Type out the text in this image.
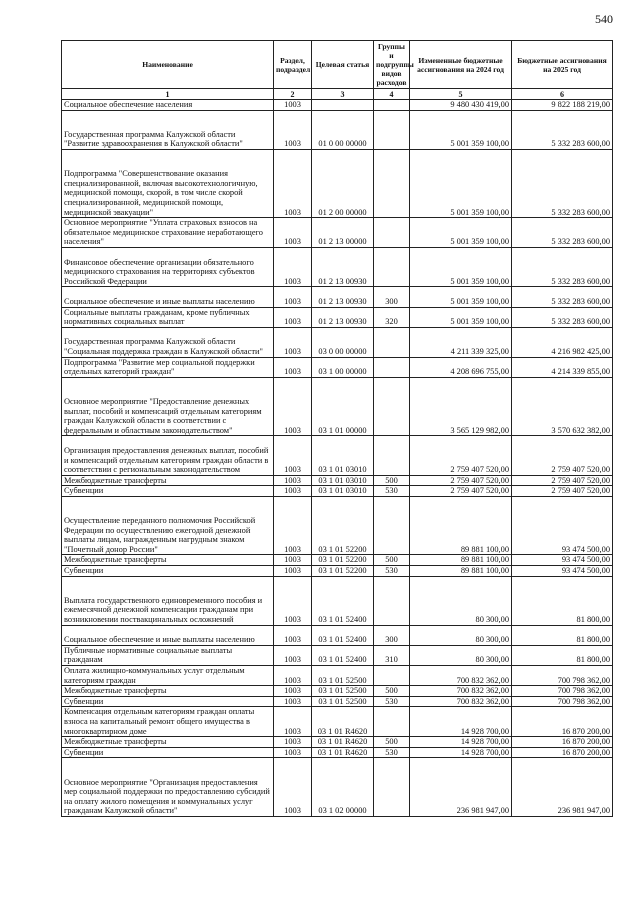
540
Наименование	Раздел, подраздел	Целевая статья	Группы и подгруппы видов расходов	Измененные бюджетные ассигнования на 2024 год	Бюджетные ассигнования на 2025 год
1	2	3	4	5	6
Социальное обеспечение населения	1003			9 480 430 419,00	9 822 188 219,00
Государственная программа Калужской области "Развитие здравоохранения в Калужской области"	1003	01 0 00 00000		5 001 359 100,00	5 332 283 600,00
Подпрограмма "Совершенствование оказания специализированной, включая высокотехнологичную, медицинской помощи, скорой, в том числе скорой специализированной, медицинской помощи, медицинской эвакуации"	1003	01 2 00 00000		5 001 359 100,00	5 332 283 600,00
Основное мероприятие "Уплата страховых взносов на обязательное медицинское страхование неработающего населения"	1003	01 2 13 00000		5 001 359 100,00	5 332 283 600,00
Финансовое обеспечение организации обязательного медицинского страхования на территориях субъектов Российской Федерации	1003	01 2 13 00930		5 001 359 100,00	5 332 283 600,00
Социальное обеспечение и иные выплаты населению	1003	01 2 13 00930	300	5 001 359 100,00	5 332 283 600,00
Социальные выплаты гражданам, кроме публичных нормативных социальных выплат	1003	01 2 13 00930	320	5 001 359 100,00	5 332 283 600,00
Государственная программа Калужской области "Социальная поддержка граждан в Калужской области"	1003	03 0 00 00000		4 211 339 325,00	4 216 982 425,00
Подпрограмма "Развитие мер социальной поддержки отдельных категорий граждан"	1003	03 1 00 00000		4 208 696 755,00	4 214 339 855,00
Основное мероприятие "Предоставление денежных выплат, пособий и компенсаций отдельным категориям граждан Калужской области в соответствии с федеральным и областным законодательством"	1003	03 1 01 00000		3 565 129 982,00	3 570 632 382,00
Организация предоставления денежных выплат, пособий и компенсаций отдельным категориям граждан области в соответствии с региональным законодательством	1003	03 1 01 03010		2 759 407 520,00	2 759 407 520,00
Межбюджетные трансферты	1003	03 1 01 03010	500	2 759 407 520,00	2 759 407 520,00
Субвенции	1003	03 1 01 03010	530	2 759 407 520,00	2 759 407 520,00
Осуществление переданного полномочия Российской Федерации по осуществлению ежегодной денежной выплаты лицам, награжденным нагрудным знаком "Почетный донор России"	1003	03 1 01 52200		89 881 100,00	93 474 500,00
Межбюджетные трансферты	1003	03 1 01 52200	500	89 881 100,00	93 474 500,00
Субвенции	1003	03 1 01 52200	530	89 881 100,00	93 474 500,00
Выплата государственного единовременного пособия и ежемесячной денежной компенсации гражданам при возникновении поствакцинальных осложнений	1003	03 1 01 52400		80 300,00	81 800,00
Социальное обеспечение и иные выплаты населению	1003	03 1 01 52400	300	80 300,00	81 800,00
Публичные нормативные социальные выплаты гражданам	1003	03 1 01 52400	310	80 300,00	81 800,00
Оплата жилищно-коммунальных услуг отдельным категориям граждан	1003	03 1 01 52500		700 832 362,00	700 798 362,00
Межбюджетные трансферты	1003	03 1 01 52500	500	700 832 362,00	700 798 362,00
Субвенции	1003	03 1 01 52500	530	700 832 362,00	700 798 362,00
Компенсация отдельным категориям граждан оплаты взноса на капитальный ремонт общего имущества в многоквартирном доме	1003	03 1 01 R4620		14 928 700,00	16 870 200,00
Межбюджетные трансферты	1003	03 1 01 R4620	500	14 928 700,00	16 870 200,00
Субвенции	1003	03 1 01 R4620	530	14 928 700,00	16 870 200,00
Основное мероприятие "Организация предоставления мер социальной поддержки по предоставлению субсидий на оплату жилого помещения и коммунальных услуг гражданам Калужской области"	1003	03 1 02 00000		236 981 947,00	236 981 947,00
